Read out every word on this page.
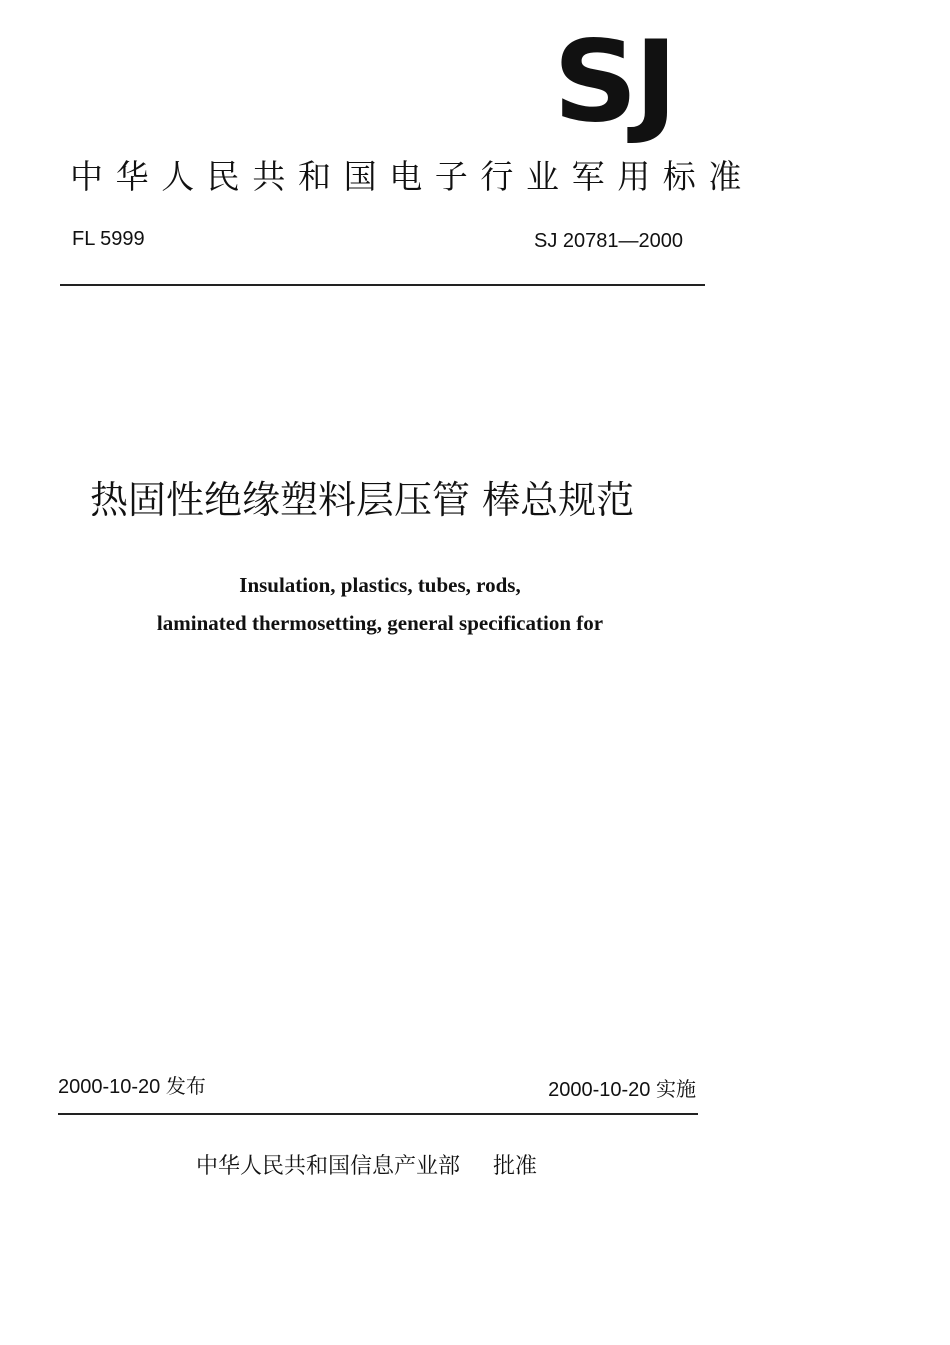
SJ
中华人民共和国电子行业军用标准
FL 5999	SJ 20781—2000
热固性绝缘塑料层压管 棒总规范
Insulation, plastics, tubes, rods,
laminated thermosetting, general specification for
2000-10-20 发布	2000-10-20 实施
中华人民共和国信息产业部 批准
